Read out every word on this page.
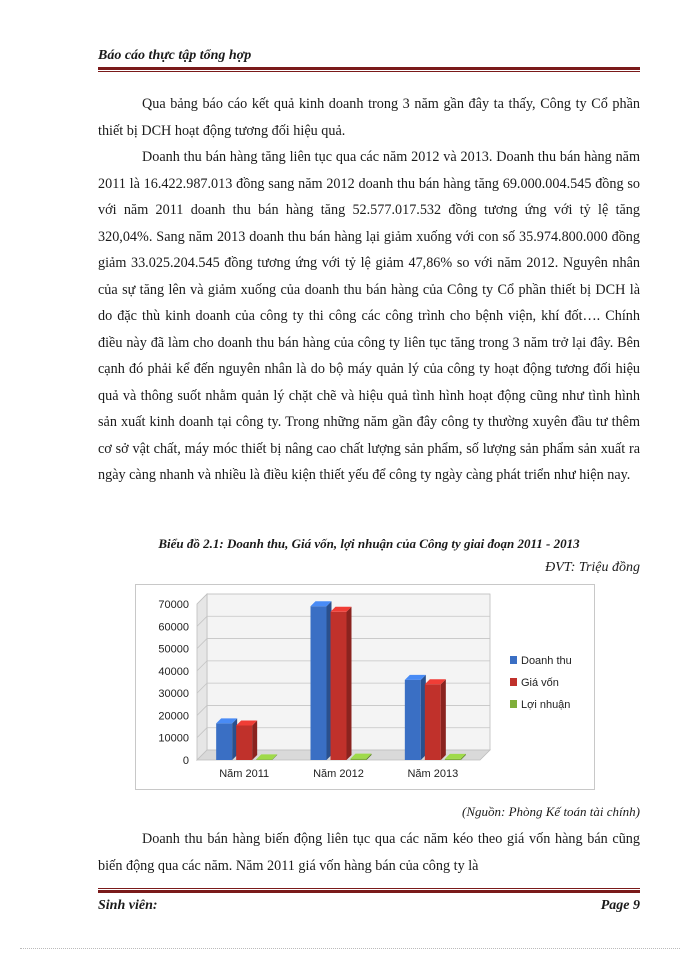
Báo cáo thực tập tổng hợp

Qua bảng báo cáo kết quả kinh doanh trong 3 năm gần đây ta thấy, Công ty Cổ phần thiết bị DCH hoạt động tương đối hiệu quả.

Doanh thu bán hàng tăng liên tục qua các năm 2012 và 2013. Doanh thu bán hàng năm 2011 là 16.422.987.013 đồng sang năm 2012 doanh thu bán hàng tăng 69.000.004.545 đồng so với năm 2011 doanh thu bán hàng tăng 52.577.017.532 đồng tương ứng với tỷ lệ tăng 320,04%. Sang năm 2013 doanh thu bán hàng lại giảm xuống với con số 35.974.800.000 đồng giảm 33.025.204.545 đồng tương ứng với tỷ lệ giảm 47,86% so với năm 2012. Nguyên nhân của sự tăng lên và giảm xuống của doanh thu bán hàng của Công ty Cổ phần thiết bị DCH là do đặc thù kinh doanh của công ty thi công các công trình cho bệnh viện, khí đốt…. Chính điều này đã làm cho doanh thu bán hàng của công ty liên tục tăng trong 3 năm trở lại đây. Bên cạnh đó phải kể đến nguyên nhân là do bộ máy quản lý của công ty hoạt động tương đối hiệu quả và thông suốt nhằm quản lý chặt chẽ và hiệu quả tình hình hoạt động cũng như tình hình sản xuất kinh doanh tại công ty. Trong những năm gần đây công ty thường xuyên đầu tư thêm cơ sở vật chất, máy móc thiết bị nâng cao chất lượng sản phẩm, số lượng sản phẩm sản xuất ra ngày càng nhanh và nhiều là điều kiện thiết yếu để công ty ngày càng phát triển như hiện nay.

Biểu đồ 2.1: Doanh thu, Giá vốn, lợi nhuận của Công ty giai đoạn 2011 - 2013
ĐVT: Triệu đồng
0
10000
20000
30000
40000
50000
60000
70000
Năm 2011	Năm 2012	Năm 2013
Doanh thu
Giá vốn
Lợi nhuận
(Nguồn: Phòng Kế toán tài chính)

Doanh thu bán hàng biến động liên tục qua các năm kéo theo giá vốn hàng bán cũng biến động qua các năm. Năm 2011 giá vốn hàng bán của công ty là

Sinh viên:	Page 9
